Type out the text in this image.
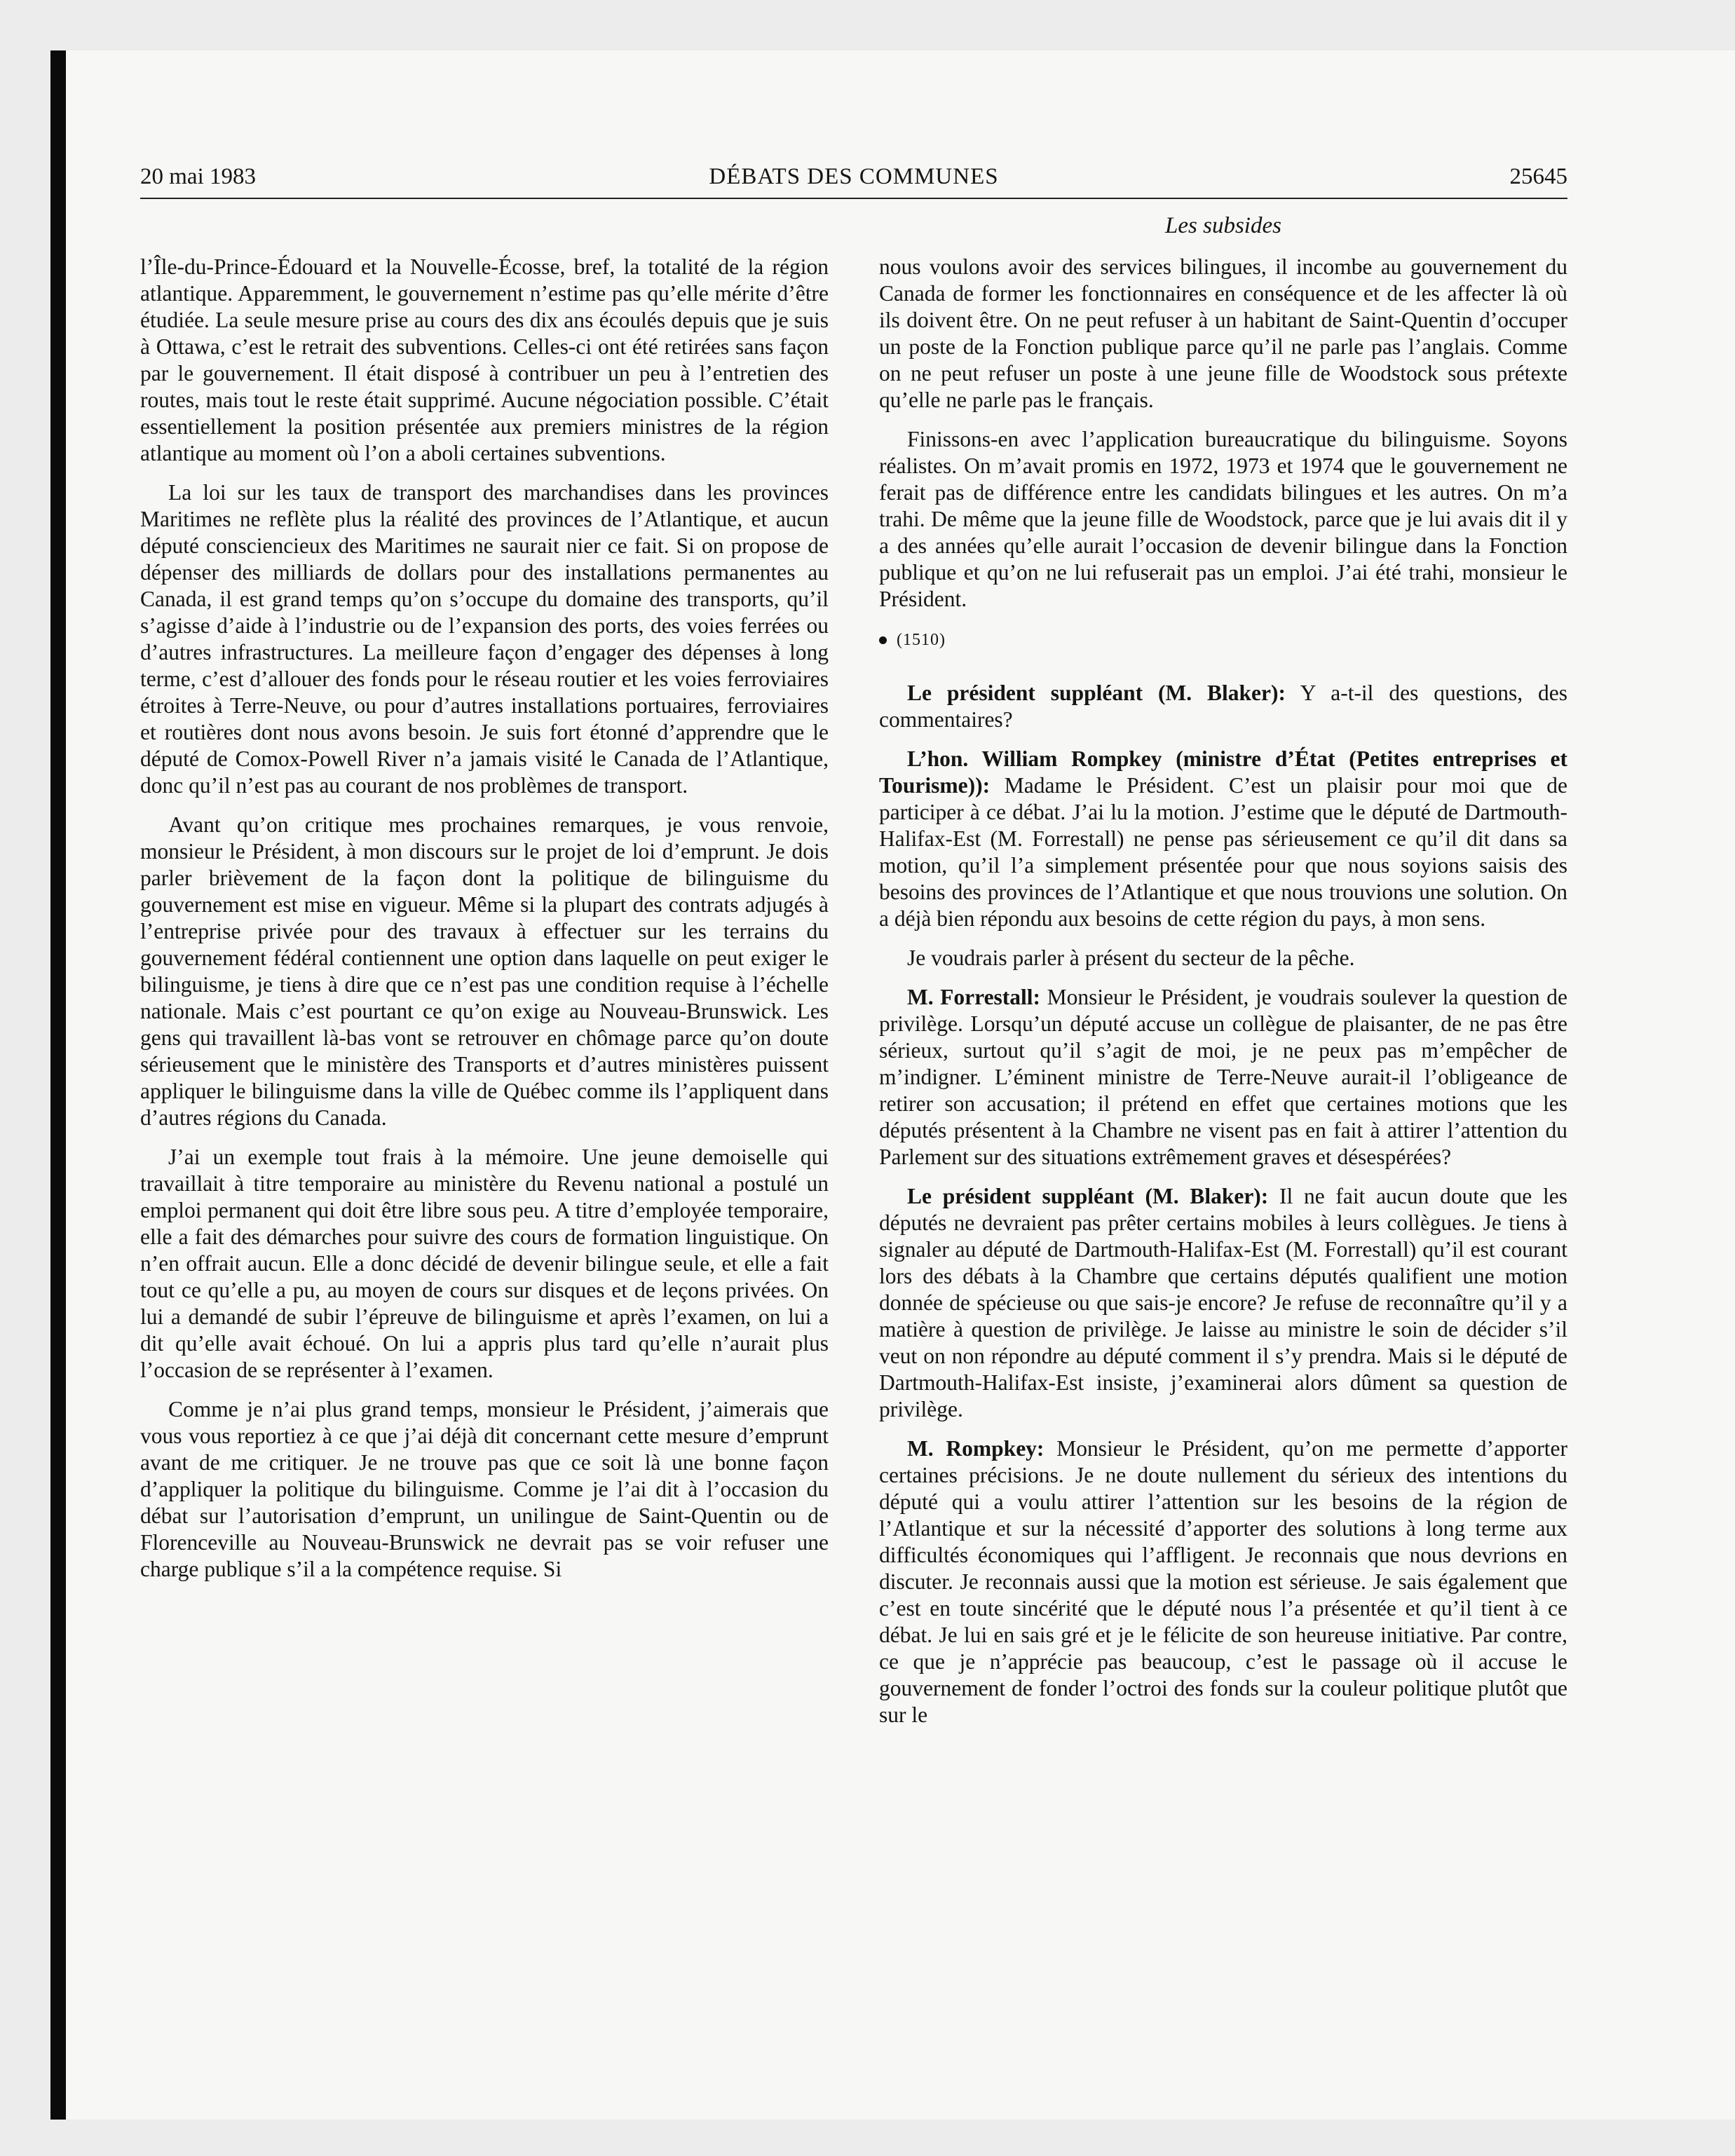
20 mai 1983	DÉBATS DES COMMUNES	25645
Les subsides

l’Île-du-Prince-Édouard et la Nouvelle-Écosse, bref, la totalité de la région atlantique. Apparemment, le gouvernement n’estime pas qu’elle mérite d’être étudiée. La seule mesure prise au cours des dix ans écoulés depuis que je suis à Ottawa, c’est le retrait des subventions. Celles-ci ont été retirées sans façon par le gouvernement. Il était disposé à contribuer un peu à l’entretien des routes, mais tout le reste était supprimé. Aucune négociation possible. C’était essentiellement la position présentée aux premiers ministres de la région atlantique au moment où l’on a aboli certaines subventions.

La loi sur les taux de transport des marchandises dans les provinces Maritimes ne reflète plus la réalité des provinces de l’Atlantique, et aucun député consciencieux des Maritimes ne saurait nier ce fait. Si on propose de dépenser des milliards de dollars pour des installations permanentes au Canada, il est grand temps qu’on s’occupe du domaine des transports, qu’il s’agisse d’aide à l’industrie ou de l’expansion des ports, des voies ferrées ou d’autres infrastructures. La meilleure façon d’engager des dépenses à long terme, c’est d’allouer des fonds pour le réseau routier et les voies ferroviaires étroites à Terre-Neuve, ou pour d’autres installations portuaires, ferroviaires et routières dont nous avons besoin. Je suis fort étonné d’apprendre que le député de Comox-Powell River n’a jamais visité le Canada de l’Atlantique, donc qu’il n’est pas au courant de nos problèmes de transport.

Avant qu’on critique mes prochaines remarques, je vous renvoie, monsieur le Président, à mon discours sur le projet de loi d’emprunt. Je dois parler brièvement de la façon dont la politique de bilinguisme du gouvernement est mise en vigueur. Même si la plupart des contrats adjugés à l’entreprise privée pour des travaux à effectuer sur les terrains du gouvernement fédéral contiennent une option dans laquelle on peut exiger le bilinguisme, je tiens à dire que ce n’est pas une condition requise à l’échelle nationale. Mais c’est pourtant ce qu’on exige au Nouveau-Brunswick. Les gens qui travaillent là-bas vont se retrouver en chômage parce qu’on doute sérieusement que le ministère des Transports et d’autres ministères puissent appliquer le bilinguisme dans la ville de Québec comme ils l’appliquent dans d’autres régions du Canada.

J’ai un exemple tout frais à la mémoire. Une jeune demoiselle qui travaillait à titre temporaire au ministère du Revenu national a postulé un emploi permanent qui doit être libre sous peu. A titre d’employée temporaire, elle a fait des démarches pour suivre des cours de formation linguistique. On n’en offrait aucun. Elle a donc décidé de devenir bilingue seule, et elle a fait tout ce qu’elle a pu, au moyen de cours sur disques et de leçons privées. On lui a demandé de subir l’épreuve de bilinguisme et après l’examen, on lui a dit qu’elle avait échoué. On lui a appris plus tard qu’elle n’aurait plus l’occasion de se représenter à l’examen.

Comme je n’ai plus grand temps, monsieur le Président, j’aimerais que vous vous reportiez à ce que j’ai déjà dit concernant cette mesure d’emprunt avant de me critiquer. Je ne trouve pas que ce soit là une bonne façon d’appliquer la politique du bilinguisme. Comme je l’ai dit à l’occasion du débat sur l’autorisation d’emprunt, un unilingue de Saint-Quentin ou de Florenceville au Nouveau-Brunswick ne devrait pas se voir refuser une charge publique s’il a la compétence requise. Si

nous voulons avoir des services bilingues, il incombe au gouvernement du Canada de former les fonctionnaires en conséquence et de les affecter là où ils doivent être. On ne peut refuser à un habitant de Saint-Quentin d’occuper un poste de la Fonction publique parce qu’il ne parle pas l’anglais. Comme on ne peut refuser un poste à une jeune fille de Woodstock sous prétexte qu’elle ne parle pas le français.

Finissons-en avec l’application bureaucratique du bilinguisme. Soyons réalistes. On m’avait promis en 1972, 1973 et 1974 que le gouvernement ne ferait pas de différence entre les candidats bilingues et les autres. On m’a trahi. De même que la jeune fille de Woodstock, parce que je lui avais dit il y a des années qu’elle aurait l’occasion de devenir bilingue dans la Fonction publique et qu’on ne lui refuserait pas un emploi. J’ai été trahi, monsieur le Président.

(1510)

Le président suppléant (M. Blaker): Y a-t-il des questions, des commentaires?

L’hon. William Rompkey (ministre d’État (Petites entreprises et Tourisme)): Madame le Président. C’est un plaisir pour moi que de participer à ce débat. J’ai lu la motion. J’estime que le député de Dartmouth-Halifax-Est (M. Forrestall) ne pense pas sérieusement ce qu’il dit dans sa motion, qu’il l’a simplement présentée pour que nous soyions saisis des besoins des provinces de l’Atlantique et que nous trouvions une solution. On a déjà bien répondu aux besoins de cette région du pays, à mon sens.

Je voudrais parler à présent du secteur de la pêche.

M. Forrestall: Monsieur le Président, je voudrais soulever la question de privilège. Lorsqu’un député accuse un collègue de plaisanter, de ne pas être sérieux, surtout qu’il s’agit de moi, je ne peux pas m’empêcher de m’indigner. L’éminent ministre de Terre-Neuve aurait-il l’obligeance de retirer son accusation; il prétend en effet que certaines motions que les députés présentent à la Chambre ne visent pas en fait à attirer l’attention du Parlement sur des situations extrêmement graves et désespérées?

Le président suppléant (M. Blaker): Il ne fait aucun doute que les députés ne devraient pas prêter certains mobiles à leurs collègues. Je tiens à signaler au député de Dartmouth-Halifax-Est (M. Forrestall) qu’il est courant lors des débats à la Chambre que certains députés qualifient une motion donnée de spécieuse ou que sais-je encore? Je refuse de reconnaître qu’il y a matière à question de privilège. Je laisse au ministre le soin de décider s’il veut on non répondre au député comment il s’y prendra. Mais si le député de Dartmouth-Halifax-Est insiste, j’examinerai alors dûment sa question de privilège.

M. Rompkey: Monsieur le Président, qu’on me permette d’apporter certaines précisions. Je ne doute nullement du sérieux des intentions du député qui a voulu attirer l’attention sur les besoins de la région de l’Atlantique et sur la nécessité d’apporter des solutions à long terme aux difficultés économiques qui l’affligent. Je reconnais que nous devrions en discuter. Je reconnais aussi que la motion est sérieuse. Je sais également que c’est en toute sincérité que le député nous l’a présentée et qu’il tient à ce débat. Je lui en sais gré et je le félicite de son heureuse initiative. Par contre, ce que je n’apprécie pas beaucoup, c’est le passage où il accuse le gouvernement de fonder l’octroi des fonds sur la couleur politique plutôt que sur le
